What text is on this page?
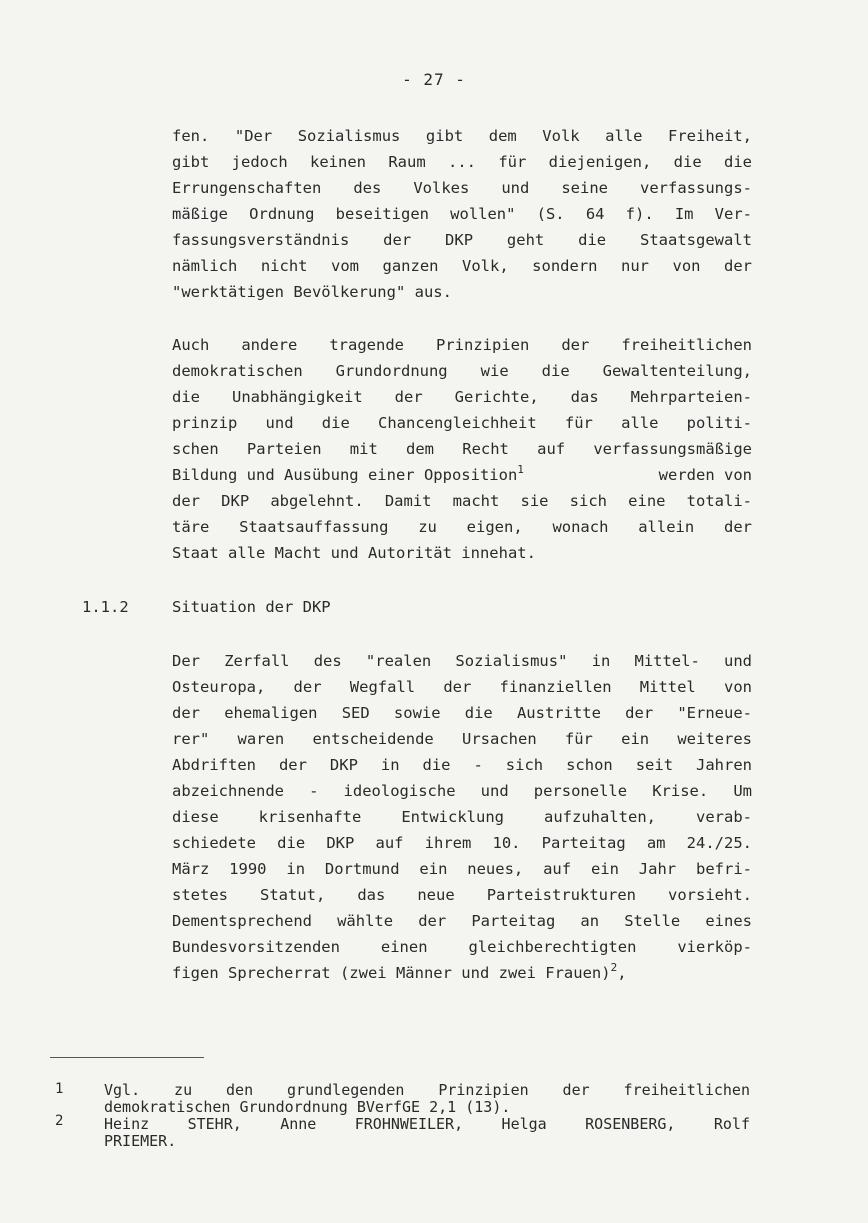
- 27 -
fen. "Der Sozialismus gibt dem Volk alle Freiheit,
gibt jedoch keinen Raum ... für diejenigen, die die
Errungenschaften des Volkes und seine verfassungs-
mäßige Ordnung beseitigen wollen" (S. 64 f). Im Ver-
fassungsverständnis der DKP geht die Staatsgewalt
nämlich nicht vom ganzen Volk, sondern nur von der
"werktätigen Bevölkerung" aus.
Auch andere tragende Prinzipien der freiheitlichen
demokratischen Grundordnung wie die Gewaltenteilung,
die Unabhängigkeit der Gerichte, das Mehrparteien-
prinzip und die Chancengleichheit für alle politi-
schen Parteien mit dem Recht auf verfassungsmäßige
Bildung und Ausübung einer Opposition$^1$	werden von
der DKP abgelehnt. Damit macht sie sich eine totali-
täre Staatsauffassung zu eigen, wonach allein der
Staat alle Macht und Autorität innehat.
1.1.2	Situation der DKP
Der Zerfall des "realen Sozialismus" in Mittel- und
Osteuropa, der Wegfall der finanziellen Mittel von
der ehemaligen SED sowie die Austritte der "Erneue-
rer" waren entscheidende Ursachen für ein weiteres
Abdriften der DKP in die - sich schon seit Jahren
abzeichnende - ideologische und personelle Krise. Um
diese krisenhafte Entwicklung aufzuhalten, verab-
schiedete die DKP auf ihrem 10. Parteitag am 24./25.
März 1990 in Dortmund ein neues, auf ein Jahr befri-
stetes Statut, das neue Parteistrukturen vorsieht.
Dementsprechend wählte der Parteitag an Stelle eines
Bundesvorsitzenden einen gleichberechtigten vierköp-
figen Sprecherrat (zwei Männer und zwei Frauen)$^2$,
1	Vgl. zu den grundlegenden Prinzipien der freiheitlichen
demokratischen Grundordnung BVerfGE 2,1 (13).
2	Heinz STEHR, Anne FROHNWEILER, Helga ROSENBERG, Rolf
PRIEMER.
